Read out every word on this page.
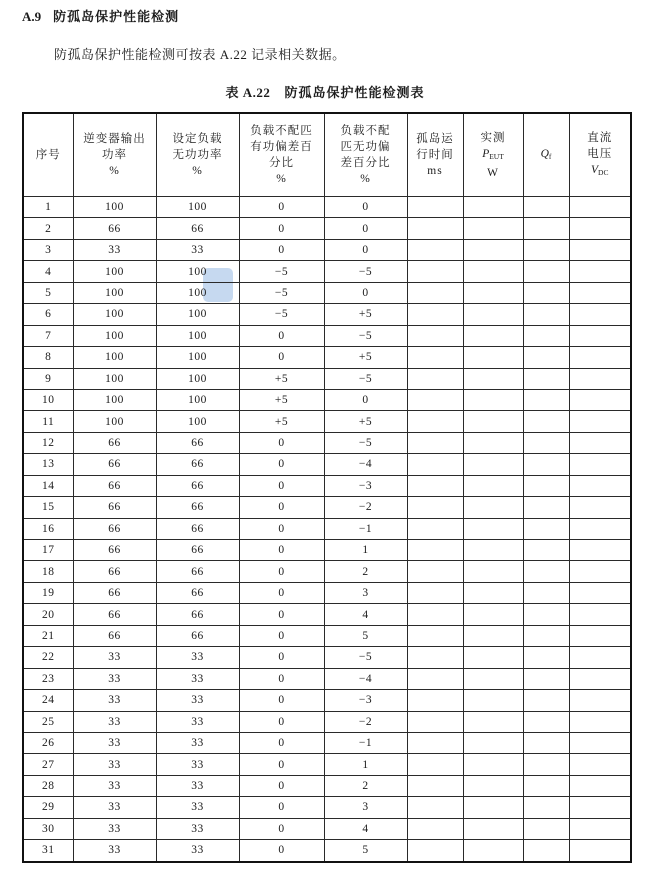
A.9 防孤岛保护性能检测
防孤岛保护性能检测可按表 A.22 记录相关数据。
表 A.22 防孤岛保护性能检测表
序号	逆变器输出
功率
%	设定负载
无功功率
%	负载不配匹
有功偏差百
分比
%	负载不配
匹无功偏
差百分比
%	孤岛运
行时间
ms	实测
$P_{EUT}$
W	$Q_f$	直流
电压
$V_{DC}$

1	100	100	0	0				
2	66	66	0	0				
3	33	33	0	0				
4	100	100	−5	−5				
5	100	100	−5	0				
6	100	100	−5	+5				
7	100	100	0	−5				
8	100	100	0	+5				
9	100	100	+5	−5				
10	100	100	+5	0				
11	100	100	+5	+5				
12	66	66	0	−5				
13	66	66	0	−4				
14	66	66	0	−3				
15	66	66	0	−2				
16	66	66	0	−1				
17	66	66	0	1				
18	66	66	0	2				
19	66	66	0	3				
20	66	66	0	4				
21	66	66	0	5				
22	33	33	0	−5				
23	33	33	0	−4				
24	33	33	0	−3				
25	33	33	0	−2				
26	33	33	0	−1				
27	33	33	0	1				
28	33	33	0	2				
29	33	33	0	3				
30	33	33	0	4				
31	33	33	0	5				
